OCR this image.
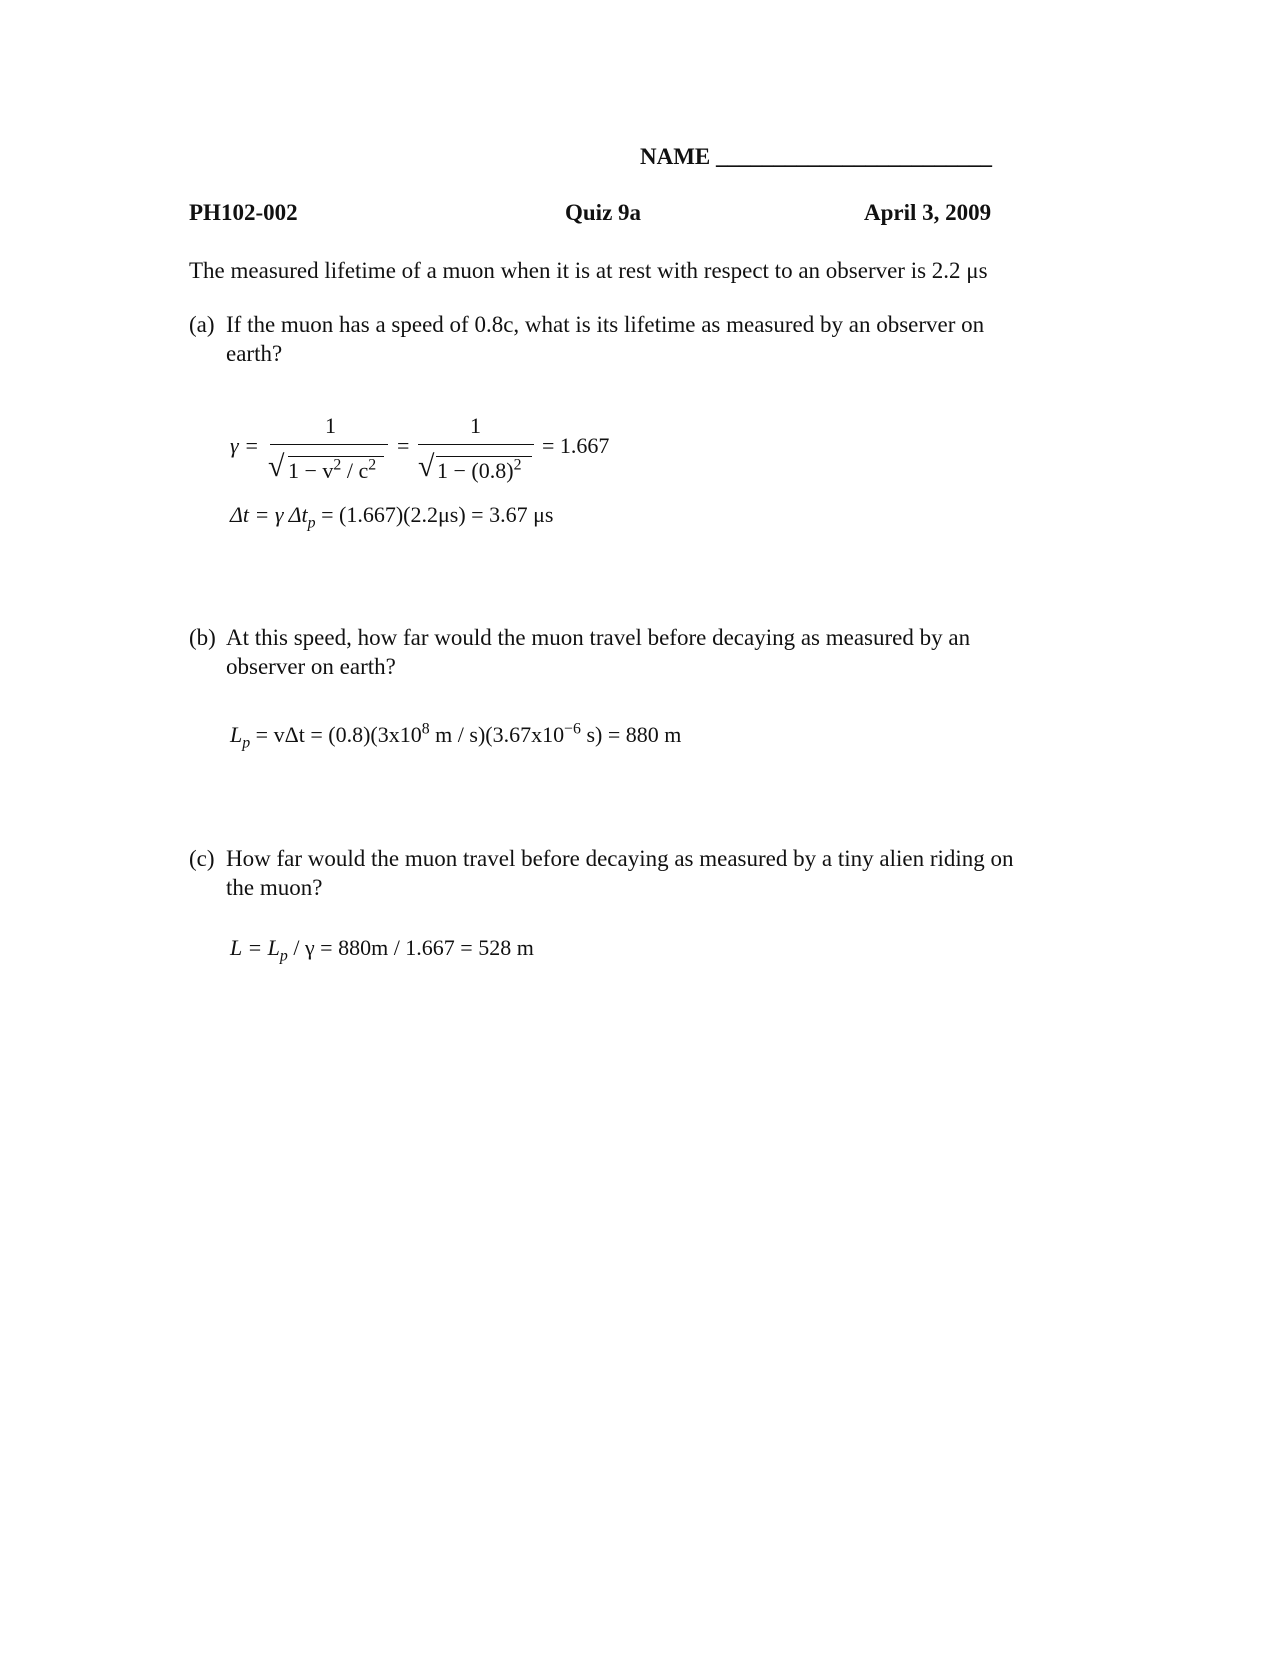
NAME ________________________
PH102-002	Quiz 9a	April 3, 2009
The measured lifetime of a muon when it is at rest with respect to an observer is 2.2 μs
(a) If the muon has a speed of 0.8c, what is its lifetime as measured by an observer on
earth?
γ =
1
√ $1 - v^2 / c^2$
=
1
√ $1 - (0.8)^2$
= 1.667
Δt = γ $\Delta t_p = (1.667)(2.2\mu s) = 3.67$ μs
(b) At this speed, how far would the muon travel before decaying as measured by an
observer on earth?
$L_p = v\Delta t = (0.8)(3x10^8$ m / $s)(3.67x10^{-6}$ s) = 880 m
(c) How far would the muon travel before decaying as measured by a tiny alien riding on
the muon?
$L = L_p / \gamma = 880m / 1.667 = 528$ m
